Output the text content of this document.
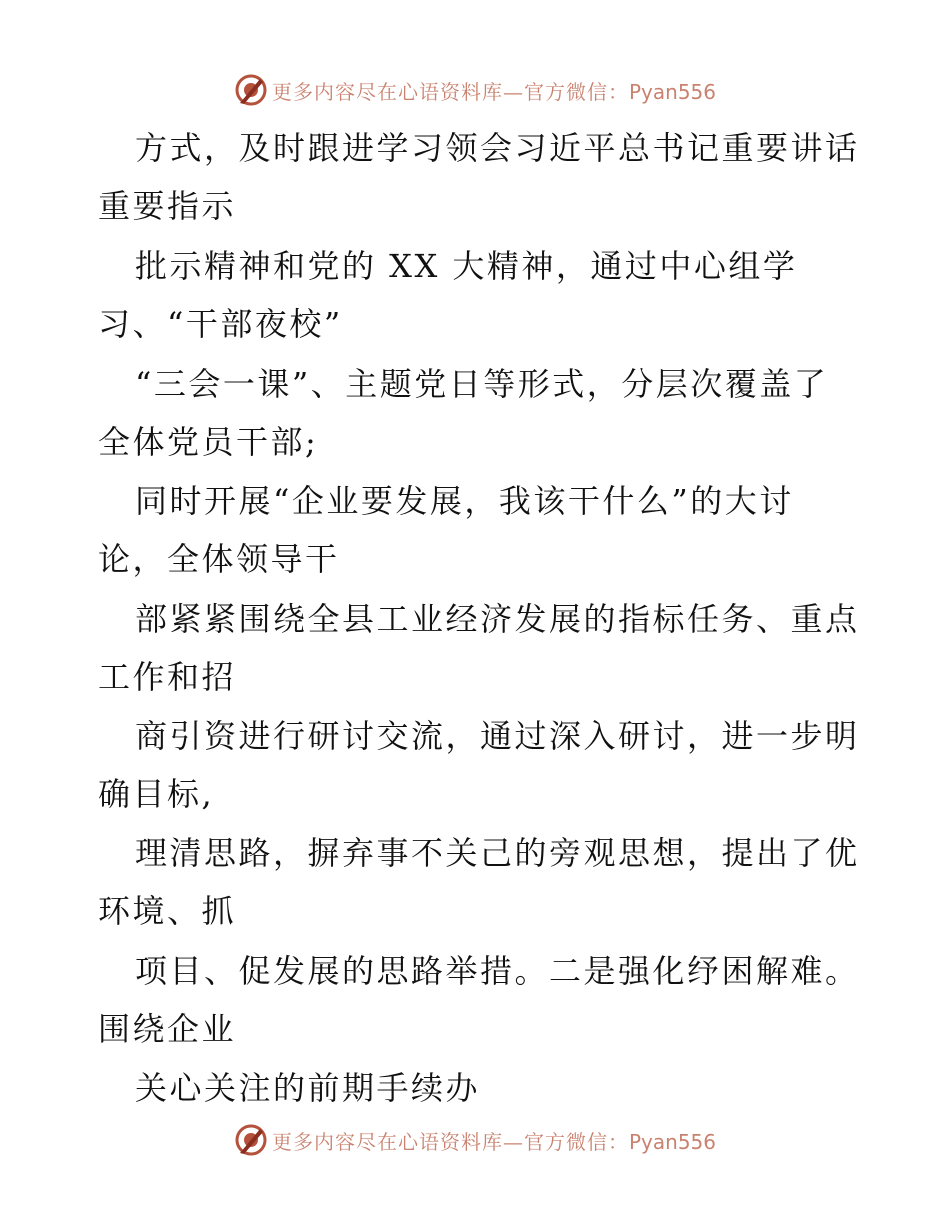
更多内容尽在心语资料库—官方微信：Pyan556
方式，及时跟进学习领会习近平总书记重要讲话
重要指示
批示精神和党的 XX 大精神，通过中心组学
习、“干部夜校”
“三会一课”、主题党日等形式，分层次覆盖了
全体党员干部;
同时开展“企业要发展，我该干什么”的大讨
论，全体领导干
部紧紧围绕全县工业经济发展的指标任务、重点
工作和招
商引资进行研讨交流，通过深入研讨，进一步明
确目标,
理清思路，摒弃事不关己的旁观思想，提出了优
环境、抓
项目、促发展的思路举措。二是强化纾困解难。
围绕企业
关心关注的前期手续办
更多内容尽在心语资料库—官方微信：Pyan556
